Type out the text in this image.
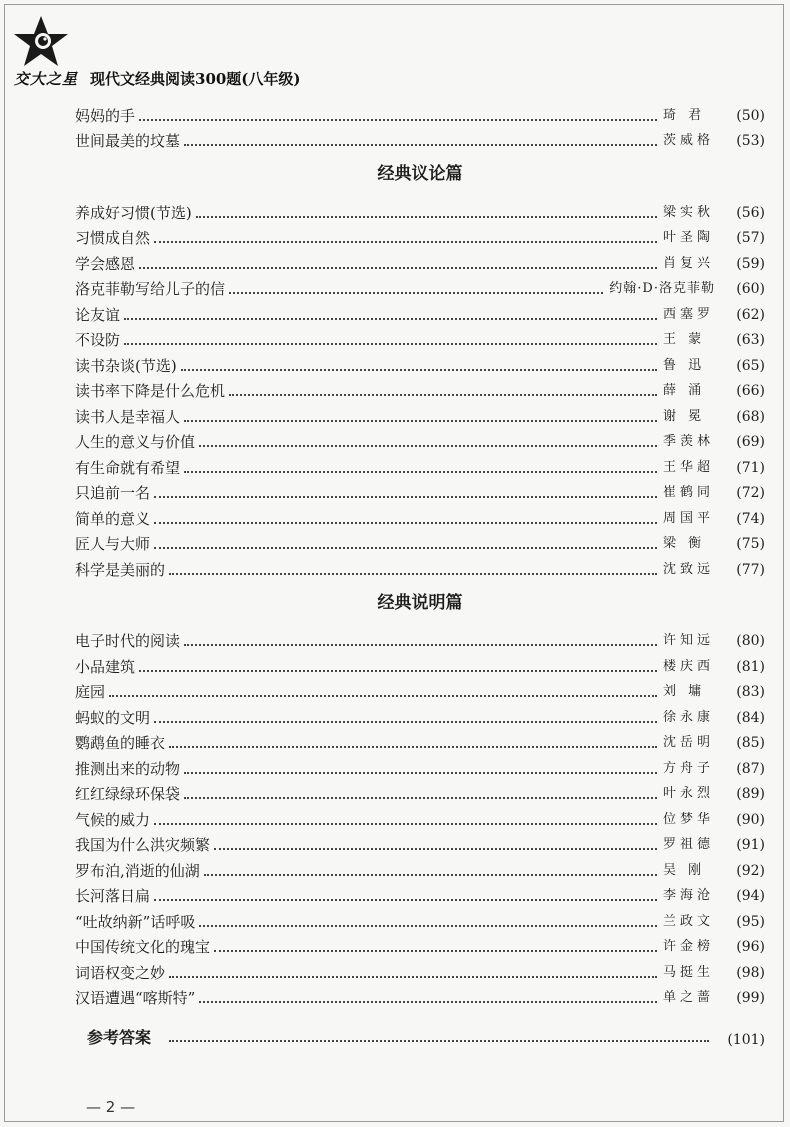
交大之星 现代文经典阅读300题(八年级)
妈妈的手	琦 君	(50)
世间最美的坟墓	茨威格	(53)
经典议论篇
养成好习惯(节选)	梁实秋	(56)
习惯成自然	叶圣陶	(57)
学会感恩	肖复兴	(59)
洛克菲勒写给儿子的信	约翰·D·洛克菲勒	(60)
论友谊	西塞罗	(62)
不设防	王 蒙	(63)
读书杂谈(节选)	鲁 迅	(65)
读书率下降是什么危机	薛 涌	(66)
读书人是幸福人	谢 冕	(68)
人生的意义与价值	季羡林	(69)
有生命就有希望	王华超	(71)
只追前一名	崔鹤同	(72)
简单的意义	周国平	(74)
匠人与大师	梁 衡	(75)
科学是美丽的	沈致远	(77)
经典说明篇
电子时代的阅读	许知远	(80)
小品建筑	楼庆西	(81)
庭园	刘 墉	(83)
蚂蚁的文明	徐永康	(84)
鹦鹉鱼的睡衣	沈岳明	(85)
推测出来的动物	方舟子	(87)
红红绿绿环保袋	叶永烈	(89)
气候的威力	位梦华	(90)
我国为什么洪灾频繁	罗祖德	(91)
罗布泊,消逝的仙湖	吴 刚	(92)
长河落日扁	李海沧	(94)
“吐故纳新”话呼吸	兰政文	(95)
中国传统文化的瑰宝	许金榜	(96)
词语权变之妙	马挺生	(98)
汉语遭遇“喀斯特”	单之蔷	(99)
参考答案	(101)
— 2 —
